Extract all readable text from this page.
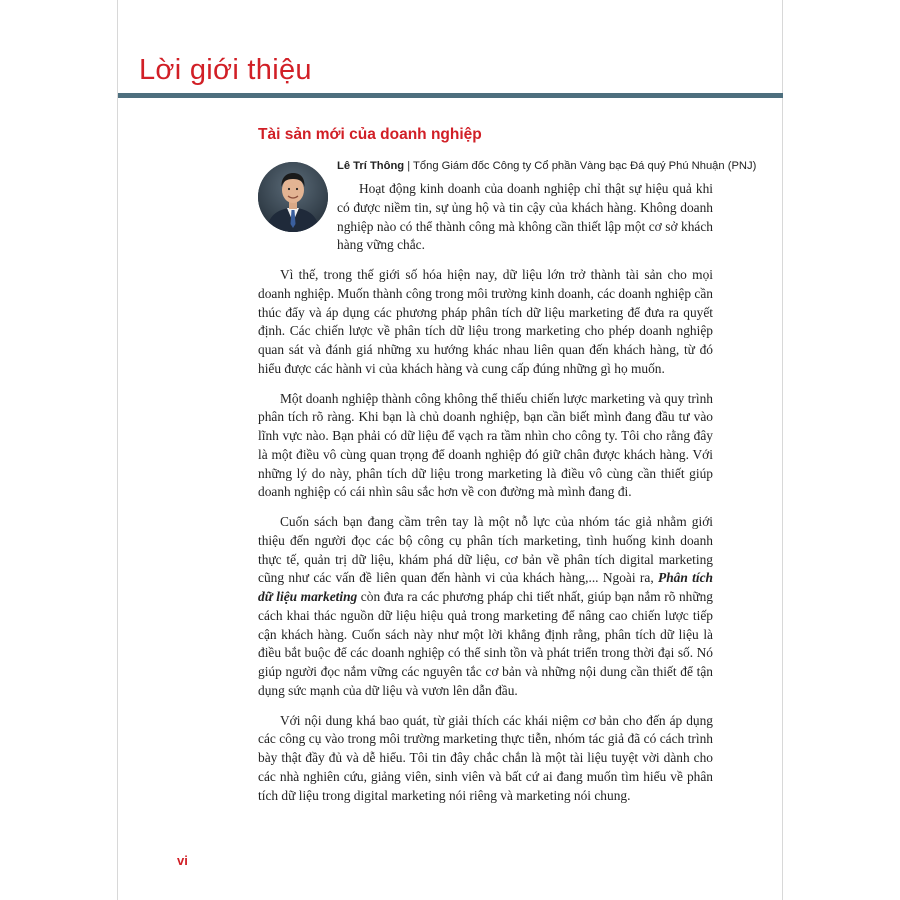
Lời giới thiệu
Tài sản mới của doanh nghiệp
Lê Trí Thông | Tổng Giám đốc Công ty Cổ phần Vàng bạc Đá quý Phú Nhuận (PNJ)

Hoạt động kinh doanh của doanh nghiệp chỉ thật sự hiệu quả khi có được niềm tin, sự ủng hộ và tin cậy của khách hàng. Không doanh nghiệp nào có thể thành công mà không cần thiết lập một cơ sở khách hàng vững chắc.

Vì thế, trong thế giới số hóa hiện nay, dữ liệu lớn trở thành tài sản cho mọi doanh nghiệp. Muốn thành công trong môi trường kinh doanh, các doanh nghiệp cần thúc đẩy và áp dụng các phương pháp phân tích dữ liệu marketing để đưa ra quyết định. Các chiến lược về phân tích dữ liệu trong marketing cho phép doanh nghiệp quan sát và đánh giá những xu hướng khác nhau liên quan đến khách hàng, từ đó hiểu được các hành vi của khách hàng và cung cấp đúng những gì họ muốn.

Một doanh nghiệp thành công không thể thiếu chiến lược marketing và quy trình phân tích rõ ràng. Khi bạn là chủ doanh nghiệp, bạn cần biết mình đang đầu tư vào lĩnh vực nào. Bạn phải có dữ liệu để vạch ra tầm nhìn cho công ty. Tôi cho rằng đây là một điều vô cùng quan trọng để doanh nghiệp đó giữ chân được khách hàng. Với những lý do này, phân tích dữ liệu trong marketing là điều vô cùng cần thiết giúp doanh nghiệp có cái nhìn sâu sắc hơn về con đường mà mình đang đi.

Cuốn sách bạn đang cầm trên tay là một nỗ lực của nhóm tác giả nhằm giới thiệu đến người đọc các bộ công cụ phân tích marketing, tình huống kinh doanh thực tế, quản trị dữ liệu, khám phá dữ liệu, cơ bản về phân tích digital marketing cũng như các vấn đề liên quan đến hành vi của khách hàng,... Ngoài ra, Phân tích dữ liệu marketing còn đưa ra các phương pháp chi tiết nhất, giúp bạn nắm rõ những cách khai thác nguồn dữ liệu hiệu quả trong marketing để nâng cao chiến lược tiếp cận khách hàng. Cuốn sách này như một lời khẳng định rằng, phân tích dữ liệu là điều bắt buộc để các doanh nghiệp có thể sinh tồn và phát triển trong thời đại số. Nó giúp người đọc nắm vững các nguyên tắc cơ bản và những nội dung cần thiết để tận dụng sức mạnh của dữ liệu và vươn lên dẫn đầu.

Với nội dung khá bao quát, từ giải thích các khái niệm cơ bản cho đến áp dụng các công cụ vào trong môi trường marketing thực tiễn, nhóm tác giả đã có cách trình bày thật đầy đủ và dễ hiểu. Tôi tin đây chắc chắn là một tài liệu tuyệt vời dành cho các nhà nghiên cứu, giảng viên, sinh viên và bất cứ ai đang muốn tìm hiểu về phân tích dữ liệu trong digital marketing nói riêng và marketing nói chung.

vi
